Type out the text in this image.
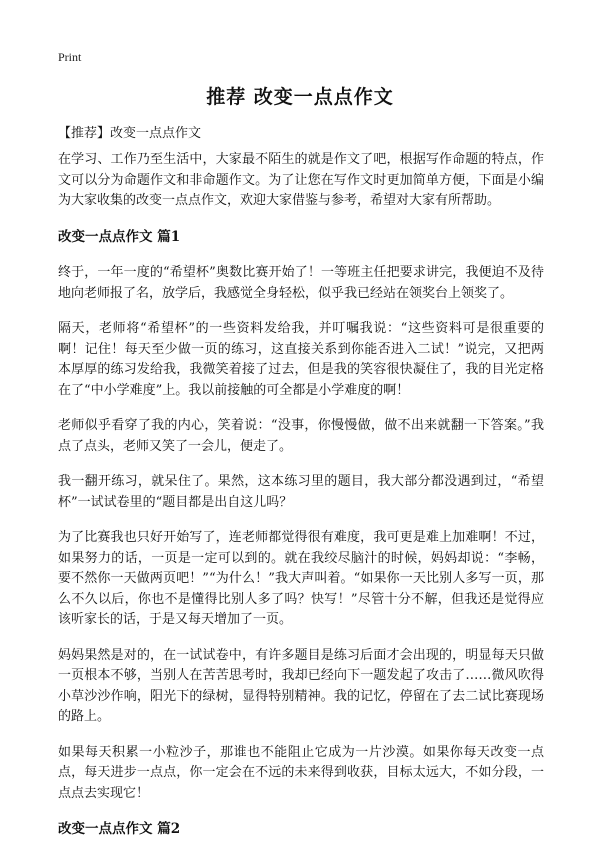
Print
推荐 改变一点点作文
【推荐】改变一点点作文

在学习、工作乃至生活中，大家最不陌生的就是作文了吧，根据写作命题的特点，作文可以分为命题作文和非命题作文。为了让您在写作文时更加简单方便，下面是小编为大家收集的改变一点点作文，欢迎大家借鉴与参考，希望对大家有所帮助。

改变一点点作文 篇1

终于，一年一度的“希望杯”奥数比赛开始了！一等班主任把要求讲完，我便迫不及待地向老师报了名，放学后，我感觉全身轻松，似乎我已经站在领奖台上领奖了。

隔天，老师将“希望杯”的一些资料发给我，并叮嘱我说：“这些资料可是很重要的啊！记住！每天至少做一页的练习，这直接关系到你能否进入二试！”说完，又把两本厚厚的练习发给我，我微笑着接了过去，但是我的笑容很快凝住了，我的目光定格在了“中小学难度”上。我以前接触的可全都是小学难度的啊！

老师似乎看穿了我的内心，笑着说：“没事，你慢慢做，做不出来就翻一下答案。”我点了点头，老师又笑了一会儿，便走了。

我一翻开练习，就呆住了。果然，这本练习里的题目，我大部分都没遇到过，“希望杯”一试试卷里的“题目都是出自这儿吗？

为了比赛我也只好开始写了，连老师都觉得很有难度，我可更是难上加难啊！不过，如果努力的话，一页是一定可以到的。就在我绞尽脑汁的时候，妈妈却说：“李畅，要不然你一天做两页吧！”“为什么！”我大声叫着。“如果你一天比别人多写一页，那么不久以后，你也不是懂得比别人多了吗？快写！”尽管十分不解，但我还是觉得应该听家长的话，于是又每天增加了一页。

妈妈果然是对的，在一试试卷中，有许多题目是练习后面才会出现的，明显每天只做一页根本不够，当别人在苦苦思考时，我却已经向下一题发起了攻击了……微风吹得小草沙沙作响，阳光下的绿树，显得特别精神。我的记忆，停留在了去二试比赛现场的路上。

如果每天积累一小粒沙子，那谁也不能阻止它成为一片沙漠。如果你每天改变一点点，每天进步一点点，你一定会在不远的未来得到收获，目标太远大，不如分段，一点点去实现它！

改变一点点作文 篇2
